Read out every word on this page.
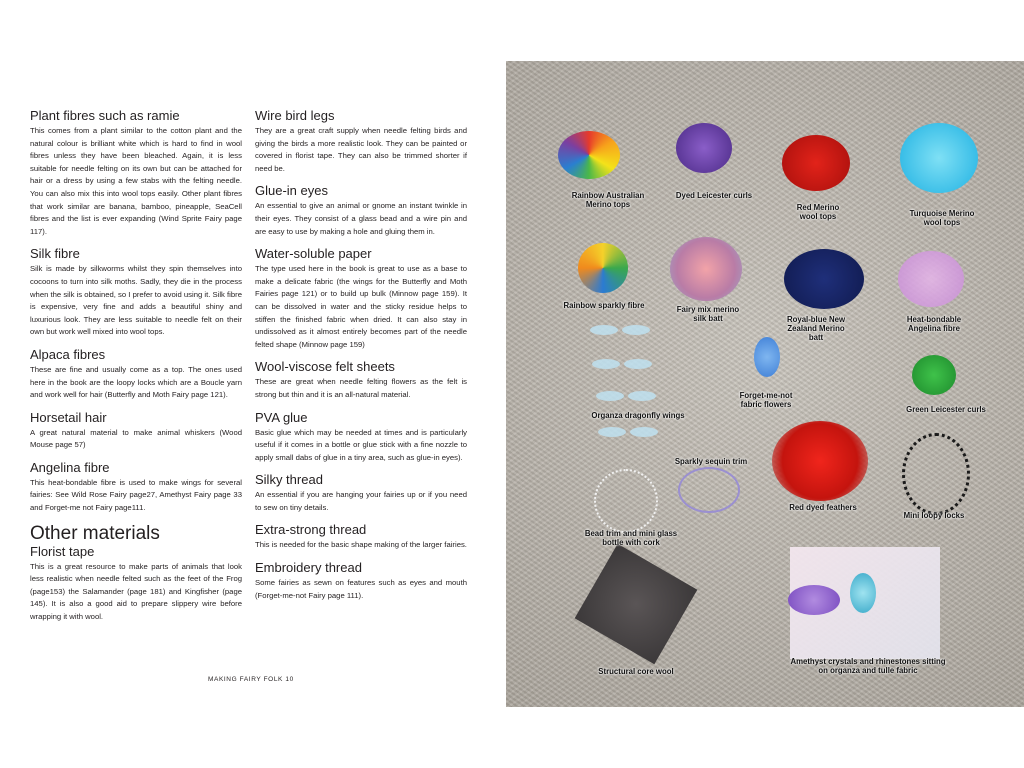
Plant fibres such as ramie

This comes from a plant similar to the cotton plant and the natural colour is brilliant white which is hard to find in wool fibres unless they have been bleached. Again, it is less suitable for needle felting on its own but can be attached for hair or a dress by using a few stabs with the felting needle. You can also mix this into wool tops easily. Other plant fibres that work similar are banana, bamboo, pineapple, SeaCell fibres and the list is ever expanding (Wind Sprite Fairy page 117).

Silk fibre

Silk is made by silkworms whilst they spin themselves into cocoons to turn into silk moths. Sadly, they die in the process when the silk is obtained, so I prefer to avoid using it. Silk fibre is expensive, very fine and adds a beautiful shiny and luxurious look. They are less suitable to needle felt on their own but work well mixed into wool tops.

Alpaca fibres

These are fine and usually come as a top. The ones used here in the book are the loopy locks which are a Boucle yarn and work well for hair (Butterfly and Moth Fairy page 121).

Horsetail hair

A great natural material to make animal whiskers (Wood Mouse page 57)

Angelina fibre

This heat-bondable fibre is used to make wings for several fairies: See Wild Rose Fairy page27, Amethyst Fairy page 33 and Forget-me not Fairy page111.

Other materials
Florist tape

This is a great resource to make parts of animals that look less realistic when needle felted such as the feet of the Frog (page153) the Salamander (page 181) and Kingfisher (page 145). It is also a good aid to prepare slippery wire before wrapping it with wool.

Wire bird legs

They are a great craft supply when needle felting birds and giving the birds a more realistic look. They can be painted or covered in florist tape. They can also be trimmed shorter if need be.

Glue-in eyes

An essential to give an animal or gnome an instant twinkle in their eyes. They consist of a glass bead and a wire pin and are easy to use by making a hole and gluing them in.

Water-soluble paper

The type used here in the book is great to use as a base to make a delicate fabric (the wings for the Butterfly and Moth Fairies page 121) or to build up bulk (Minnow page 159). It can be dissolved in water and the sticky residue helps to stiffen the finished fabric when dried. It can also stay in undissolved as it almost entirely becomes part of the needle felted shape (Minnow page 159)

Wool-viscose felt sheets

These are great when needle felting flowers as the felt is strong but thin and it is an all-natural material.

PVA glue

Basic glue which may be needed at times and is particularly useful if it comes in a bottle or glue stick with a fine nozzle to apply small dabs of glue in a tiny area, such as glue-in eyes).

Silky thread

An essential if you are hanging your fairies up or if you need to sew on tiny details.

Extra-strong thread

This is needed for the basic shape making of the larger fairies.

Embroidery thread

Some fairies as sewn on features such as eyes and mouth (Forget-me-not Fairy page 111).

MAKING FAIRY FOLK 10
Rainbow Australian Merino tops
Dyed Leicester curls
Red Merino wool tops	Turquoise Merino wool tops
Rainbow sparkly fibre	Fairy mix merino silk batt	Royal-blue New Zealand Merino batt
Heat-bondable Angelina fibre
Forget-me-not fabric flowers
Organza dragonfly wings
Green Leicester curls
Sparkly sequin trim
Red dyed feathers
Mini loopy locks
Bead trim and mini glass bottle with cork
Structural core wool
Amethyst crystals and rhinestones sitting on organza and tulle fabric
